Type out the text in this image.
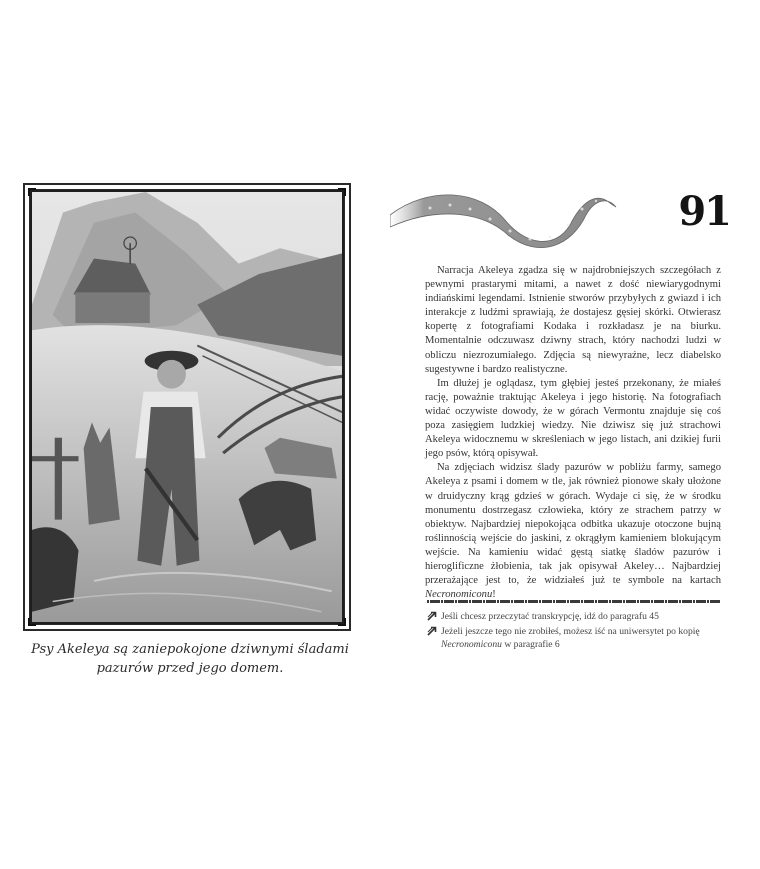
Psy Akeleya są zaniepokojone dziwnymi śladami
pazurów przed jego domem.
91

Narracja Akeleya zgadza się w najdrobniejszych szczegółach z pewnymi prastarymi mitami, a nawet z dość niewiarygodnymi indiańskimi legendami. Istnienie stworów przybyłych z gwiazd i ich interakcje z ludźmi sprawiają, że dostajesz gęsiej skórki. Otwierasz kopertę z fotografiami Kodaka i rozkładasz je na biurku. Momentalnie odczuwasz dziwny strach, który nachodzi ludzi w obliczu niezrozumiałego. Zdjęcia są niewyraźne, lecz diabelsko sugestywne i bardzo realistyczne.

Im dłużej je oglądasz, tym głębiej jesteś przekonany, że miałeś rację, poważnie traktując Akeleya i jego historię. Na fotografiach widać oczywiste dowody, że w górach Vermontu znajduje się coś poza zasięgiem ludzkiej wiedzy. Nie dziwisz się już strachowi Akeleya widocznemu w skreśleniach w jego listach, ani dzikiej furii jego psów, którą opisywał.

Na zdjęciach widzisz ślady pazurów w pobliżu farmy, samego Akeleya z psami i domem w tle, jak również pionowe skały ułożone w druidyczny krąg gdzieś w górach. Wydaje ci się, że w środku monumentu dostrzegasz człowieka, który ze strachem patrzy w obiektyw. Najbardziej niepokojąca odbitka ukazuje otoczone bujną roślinnością wejście do jaskini, z okrągłym kamieniem blokującym wejście. Na kamieniu widać gęstą siatkę śladów pazurów i hieroglificzne żłobienia, tak jak opisywał Akeley… Najbardziej przerażające jest to, że widziałeś już te symbole na kartach Necronomiconu!

Jeśli chcesz przeczytać transkrypcję, idź do paragrafu 45
Jeżeli jeszcze tego nie zrobiłeś, możesz iść na uniwersytet po kopię Necronomiconu w paragrafie 6
